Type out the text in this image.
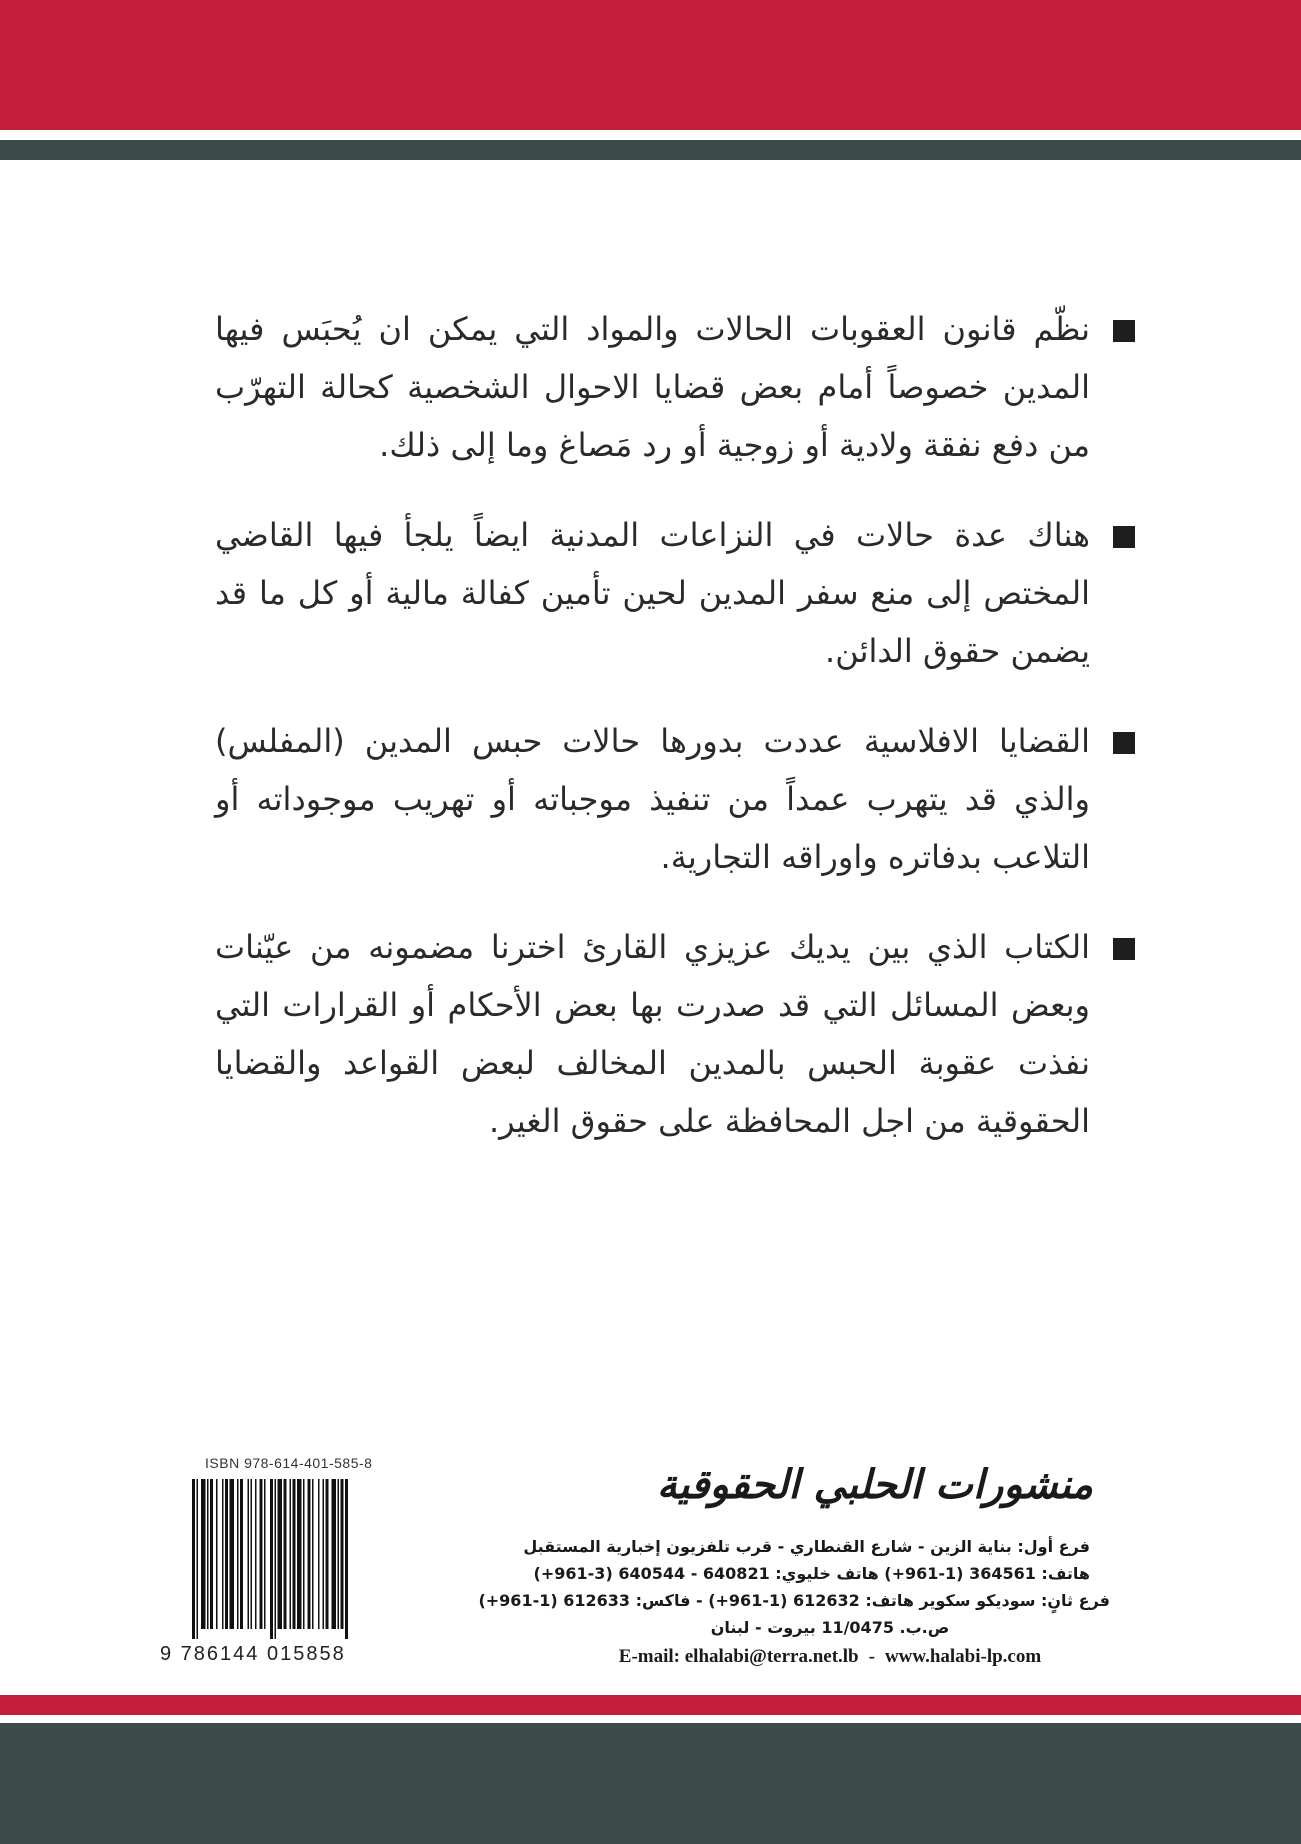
نظّم قانون العقوبات الحالات والمواد التي يمكن ان يُحبَس فيها المدين خصوصاً أمام بعض قضايا الاحوال الشخصية كحالة التهرّب من دفع نفقة ولادية أو زوجية أو رد مَصاغ وما إلى ذلك.
هناك عدة حالات في النزاعات المدنية ايضاً يلجأ فيها القاضي المختص إلى منع سفر المدين لحين تأمين كفالة مالية أو كل ما قد يضمن حقوق الدائن.
القضايا الافلاسية عددت بدورها حالات حبس المدين (المفلس) والذي قد يتهرب عمداً من تنفيذ موجباته أو تهريب موجوداته أو التلاعب بدفاتره واوراقه التجارية.
الكتاب الذي بين يديك عزيزي القارئ اخترنا مضمونه من عيّنات وبعض المسائل التي قد صدرت بها بعض الأحكام أو القرارات التي نفذت عقوبة الحبس بالمدين المخالف لبعض القواعد والقضايا الحقوقية من اجل المحافظة على حقوق الغير.
ISBN 978-614-401-585-8
9 786144 015858
منشورات الحلبي الحقوقية
فرع أول: بناية الزين - شارع القنطاري - قرب تلفزيون إخبارية المستقبل
هاتف: 364561 (1-961+) هاتف خليوي: 640821 - 640544 (3-961+)
فرع ثانٍ: سوديكو سكوير هاتف: 612632 (1-961+) - فاكس: 612633 (1-961+)
ص.ب. 11/0475 بيروت - لبنان
E-mail: elhalabi@terra.net.lb - www.halabi-lp.com
